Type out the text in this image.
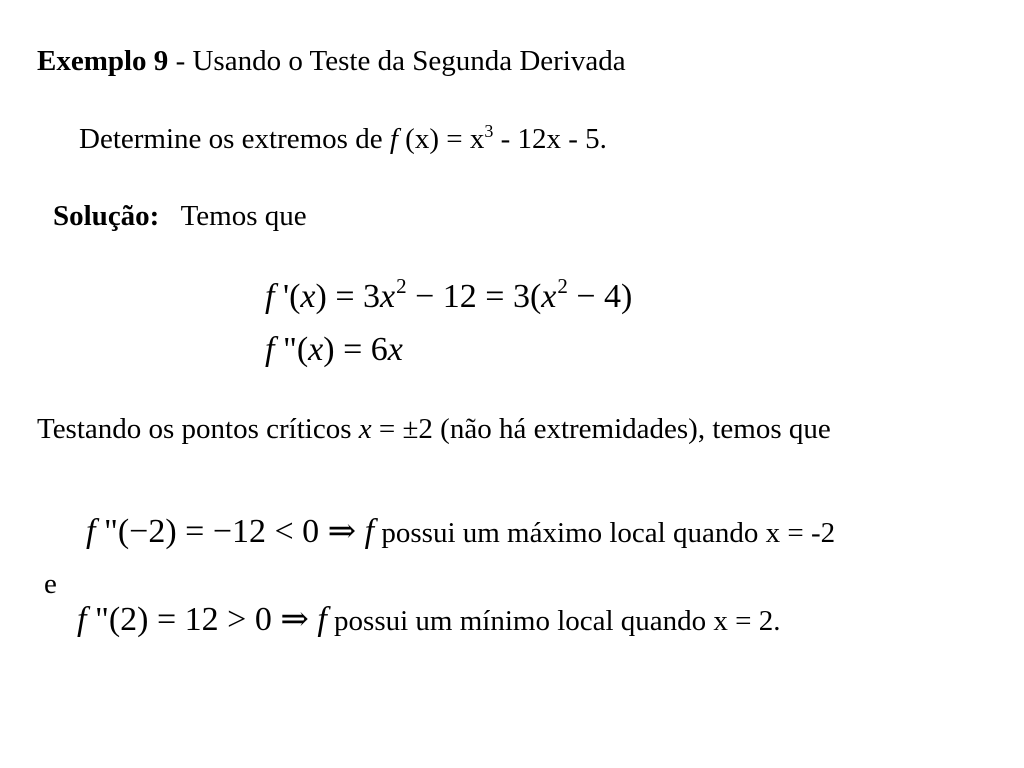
Exemplo 9 - Usando o Teste da Segunda Derivada
Determine os extremos de f $(x) = x^3 - 12x - 5$.
Solução: Temos que
f '$(x) = 3x^2 - 12 = 3(x^2 - 4)$
f "(x) = 6x
Testando os pontos críticos x = ±2 (não há extremidades), temos que
f "(−2) = −12 < 0 ⇒ f possui um máximo local quando x = -2
e
f "(2) = 12 > 0 ⇒ f possui um mínimo local quando x = 2.
